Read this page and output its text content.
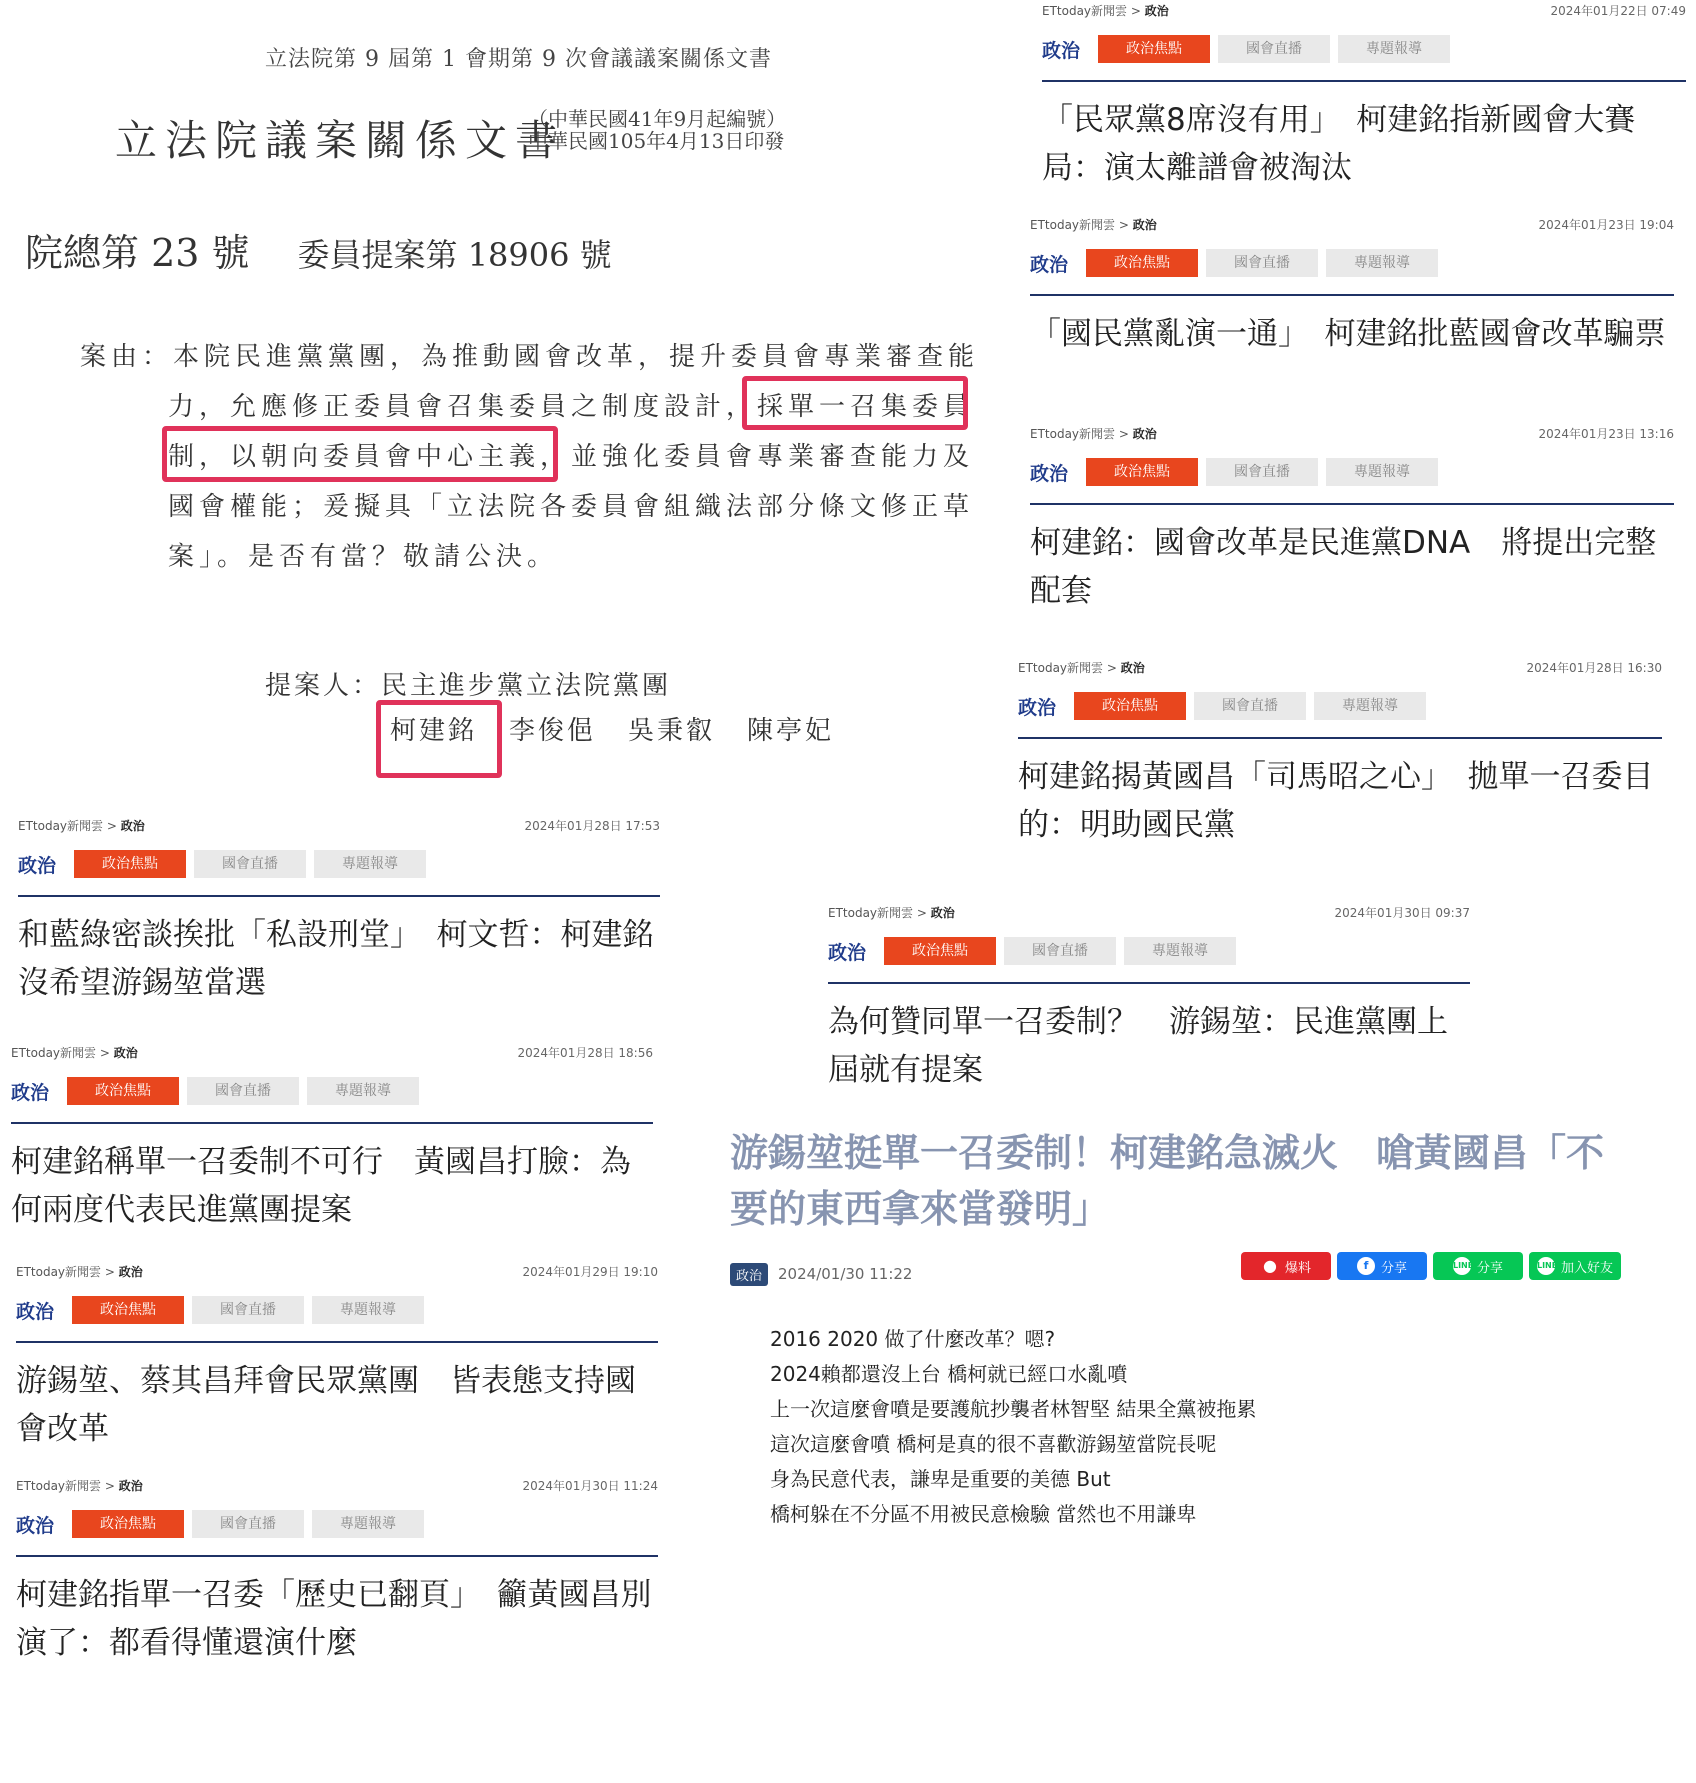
立法院第 9 屆第 1 會期第 9 次會議議案關係文書
立法院議案關係文書
（中華民國41年9月起編號）
中華民國105年4月13日印發
院總第 23 號 委員提案第 18906 號
案由：本院民進黨黨團，為推動國會改革，提升委員會專業審查能
力，允應修正委員會召集委員之制度設計，採單一召集委員
制，以朝向委員會中心主義，並強化委員會專業審查能力及
國會權能；爰擬具「立法院各委員會組織法部分條文修正草
案」。是否有當？敬請公決。
提案人：民主進步黨立法院黨團
柯建銘 李俊俋 吳秉叡 陳亭妃
ETtoday新聞雲 > 政治	2024年01月22日 07:49
政治	政治焦點	國會直播	專題報導
「民眾黨8席沒有用」　柯建銘指新國會大賽局：演太離譜會被淘汰
ETtoday新聞雲 > 政治	2024年01月23日 19:04
政治	政治焦點	國會直播	專題報導
「國民黨亂演一通」　柯建銘批藍國會改革騙票
ETtoday新聞雲 > 政治	2024年01月23日 13:16
政治	政治焦點	國會直播	專題報導
柯建銘：國會改革是民進黨DNA　將提出完整配套
ETtoday新聞雲 > 政治	2024年01月28日 16:30
政治	政治焦點	國會直播	專題報導
柯建銘揭黃國昌「司馬昭之心」　拋單一召委目的：明助國民黨
ETtoday新聞雲 > 政治	2024年01月28日 17:53
政治	政治焦點	國會直播	專題報導
和藍綠密談挨批「私設刑堂」　柯文哲：柯建銘沒希望游錫堃當選
ETtoday新聞雲 > 政治	2024年01月30日 09:37
政治	政治焦點	國會直播	專題報導
為何贊同單一召委制？　游錫堃：民進黨團上屆就有提案
ETtoday新聞雲 > 政治	2024年01月28日 18:56
政治	政治焦點	國會直播	專題報導
柯建銘稱單一召委制不可行　黃國昌打臉：為何兩度代表民進黨團提案
ETtoday新聞雲 > 政治	2024年01月29日 19:10
政治	政治焦點	國會直播	專題報導
游錫堃、蔡其昌拜會民眾黨團　皆表態支持國會改革
ETtoday新聞雲 > 政治	2024年01月30日 11:24
政治	政治焦點	國會直播	專題報導
柯建銘指單一召委「歷史已翻頁」　籲黃國昌別演了：都看得懂還演什麼
游錫堃挺單一召委制！柯建銘急滅火　嗆黃國昌「不要的東西拿來當發明」
政治	2024/01/30 11:22	● 爆料	f 分享	LINE 分享	LINE 加入好友
2016 2020 做了什麼改革？嗯?
2024賴都還沒上台 橋柯就已經口水亂噴
上一次這麼會噴是要護航抄襲者林智堅 結果全黨被拖累
這次這麼會噴 橋柯是真的很不喜歡游錫堃當院長呢
身為民意代表，謙卑是重要的美德 But
橋柯躲在不分區不用被民意檢驗 當然也不用謙卑
